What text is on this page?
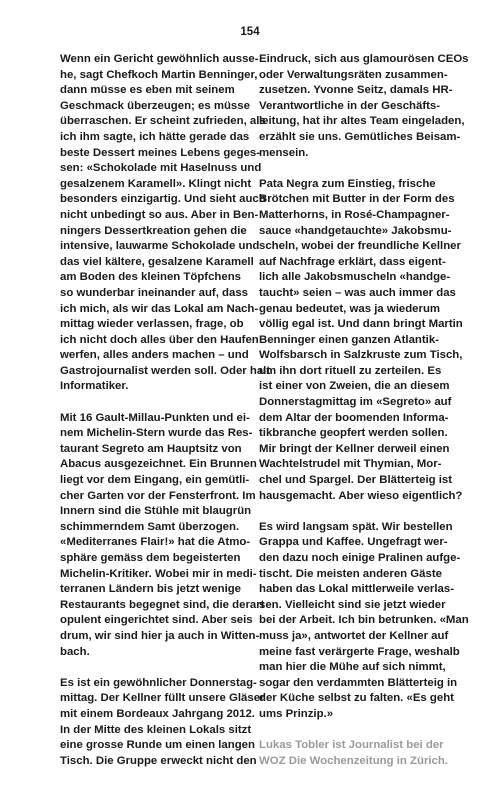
154

Wenn ein Gericht gewöhnlich ausse-
he, sagt Chefkoch Martin Benninger,
dann müsse es eben mit seinem
Geschmack überzeugen; es müsse
überraschen. Er scheint zufrieden, als
ich ihm sagte, ich hätte gerade das
beste Dessert meines Lebens geges-
sen: «Schokolade mit Haselnuss und
gesalzenem Karamell». Klingt nicht
besonders einzigartig. Und sieht auch
nicht unbedingt so aus. Aber in Ben-
ningers Dessertkreation gehen die
intensive, lauwarme Schokolade und
das viel kältere, gesalzene Karamell
am Boden des kleinen Töpfchens
so wunderbar ineinander auf, dass
ich mich, als wir das Lokal am Nach-
mittag wieder verlassen, frage, ob
ich nicht doch alles über den Haufen
werfen, alles anders machen – und
Gastrojournalist werden soll. Oder halt
Informatiker.

Mit 16 Gault-Millau-Punkten und ei-
nem Michelin-Stern wurde das Res-
taurant Segreto am Hauptsitz von
Abacus ausgezeichnet. Ein Brunnen
liegt vor dem Eingang, ein gemütli-
cher Garten vor der Fensterfront. Im
Innern sind die Stühle mit blaugrün
schimmerndem Samt überzogen.
«Mediterranes Flair!» hat die Atmo-
sphäre gemäss dem begeisterten
Michelin-Kritiker. Wobei mir in medi-
terranen Ländern bis jetzt wenige
Restaurants begegnet sind, die derart
opulent eingerichtet sind. Aber seis
drum, wir sind hier ja auch in Witten-
bach.

Es ist ein gewöhnlicher Donnerstag-
mittag. Der Kellner füllt unsere Gläser
mit einem Bordeaux Jahrgang 2012.
In der Mitte des kleinen Lokals sitzt
eine grosse Runde um einen langen
Tisch. Die Gruppe erweckt nicht den

Eindruck, sich aus glamourösen CEOs
oder Verwaltungsräten zusammen-
zusetzen. Yvonne Seitz, damals HR-
Verantwortliche in der Geschäfts-
leitung, hat ihr altes Team eingeladen,
erzählt sie uns. Gemütliches Beisam-
mensein.

Pata Negra zum Einstieg, frische
Brötchen mit Butter in der Form des
Matterhorns, in Rosé-Champagner-
sauce «handgetauchte» Jakobsmu-
scheln, wobei der freundliche Kellner
auf Nachfrage erklärt, dass eigent-
lich alle Jakobsmuscheln «handge-
taucht» seien – was auch immer das
genau bedeutet, was ja wiederum
völlig egal ist. Und dann bringt Martin
Benninger einen ganzen Atlantik-
Wolfsbarsch in Salzkruste zum Tisch,
um ihn dort rituell zu zerteilen. Es
ist einer von Zweien, die an diesem
Donnerstagmittag im «Segreto» auf
dem Altar der boomenden Informa-
tikbranche geopfert werden sollen.
Mir bringt der Kellner derweil einen
Wachtelstrudel mit Thymian, Mor-
chel und Spargel. Der Blätterteig ist
hausgemacht. Aber wieso eigentlich?

Es wird langsam spät. Wir bestellen
Grappa und Kaffee. Ungefragt wer-
den dazu noch einige Pralinen aufge-
tischt. Die meisten anderen Gäste
haben das Lokal mittlerweile verlas-
sen. Vielleicht sind sie jetzt wieder
bei der Arbeit. Ich bin betrunken. «Man
muss ja», antwortet der Kellner auf
meine fast verärgerte Frage, weshalb
man hier die Mühe auf sich nimmt,
sogar den verdammten Blätterteig in
der Küche selbst zu falten. «Es geht
ums Prinzip.»

Lukas Tobler ist Journalist bei der
WOZ Die Wochenzeitung in Zürich.
